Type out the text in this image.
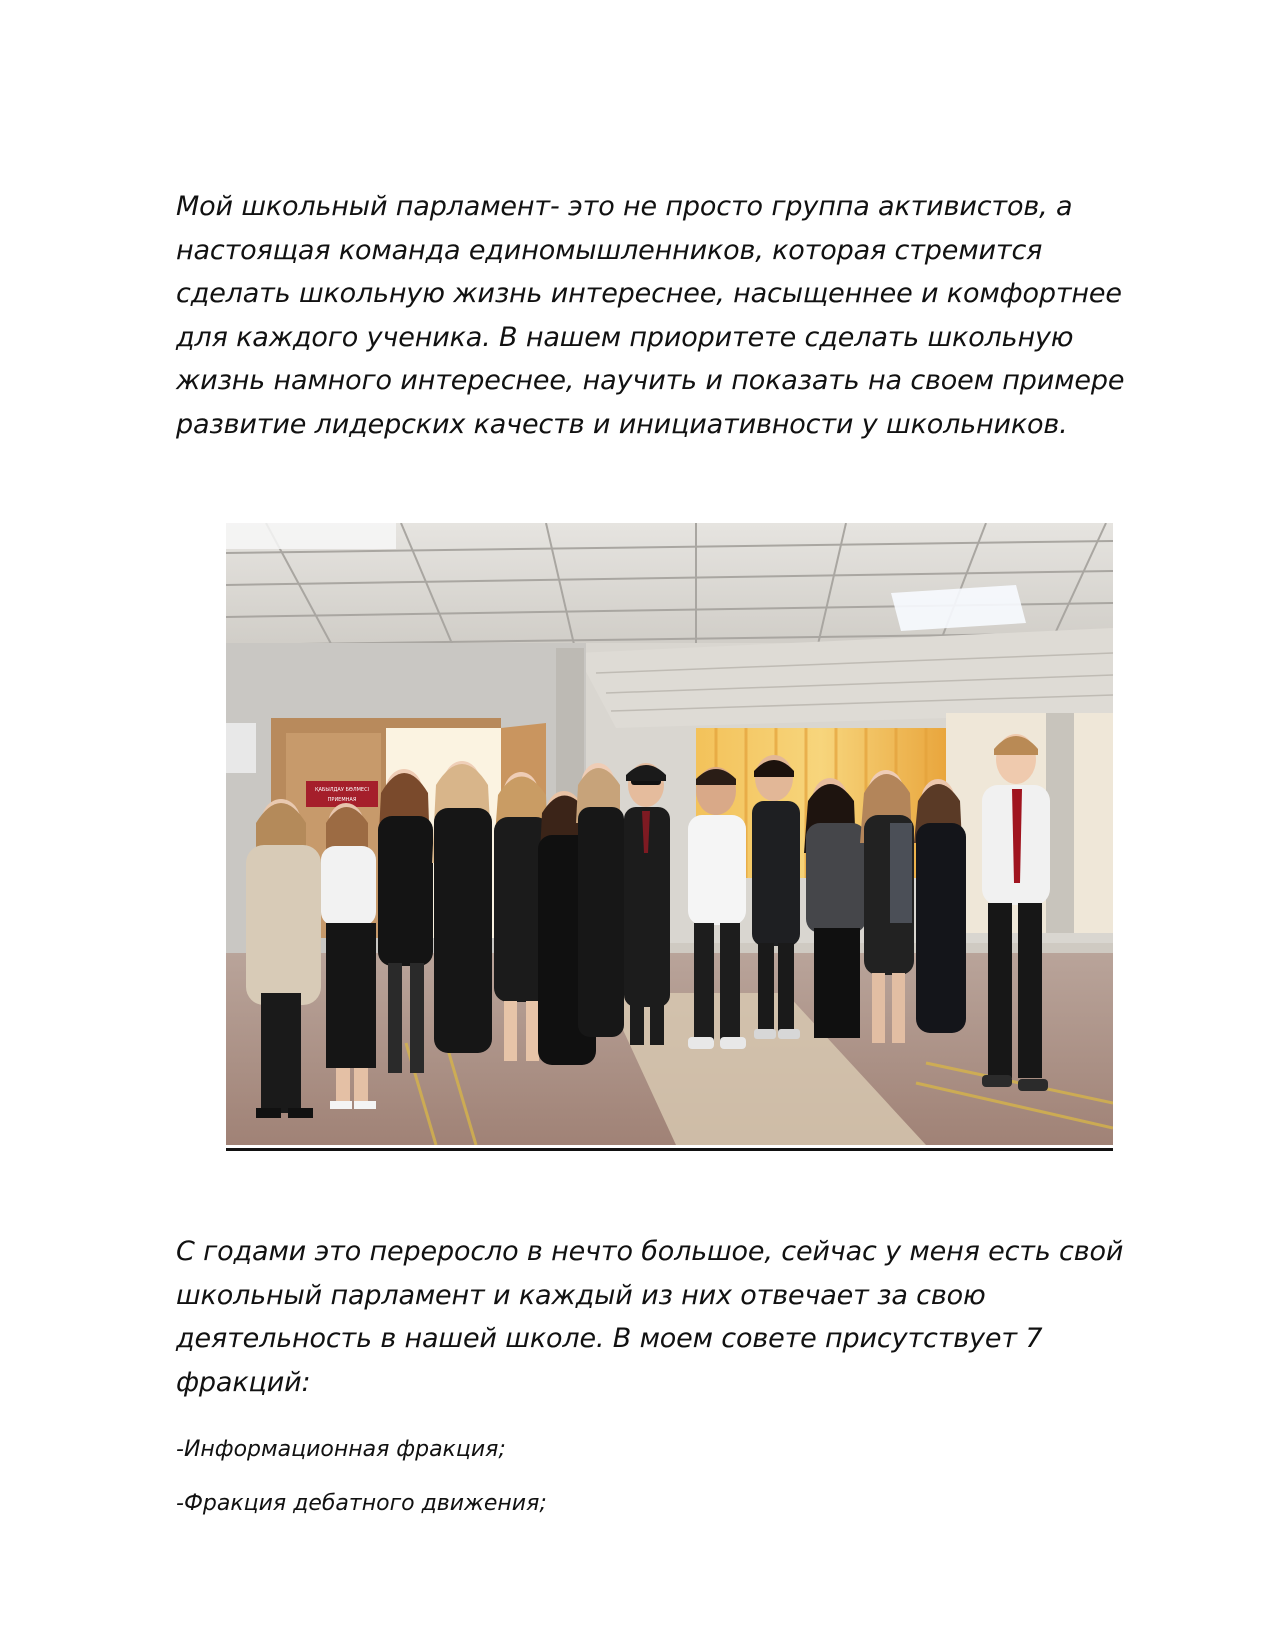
Мой школьный парламент- это не просто группа активистов, а
настоящая команда единомышленников, которая стремится
сделать школьную жизнь интереснее, насыщеннее и комфортнее
для каждого ученика. В нашем приоритете сделать школьную
жизнь намного интереснее, научить и показать на своем примере
развитие лидерских качеств и инициативности у школьников.

ҚАБЫЛДАУ БӨЛМЕСІ
ПРИЕМНАЯ

С годами это переросло в нечто большое, сейчас у меня есть свой
школьный парламент и каждый из них отвечает за свою
деятельность в нашей школе. В моем совете присутствует 7
фракций:

-Информационная фракция;

-Фракция дебатного движения;
